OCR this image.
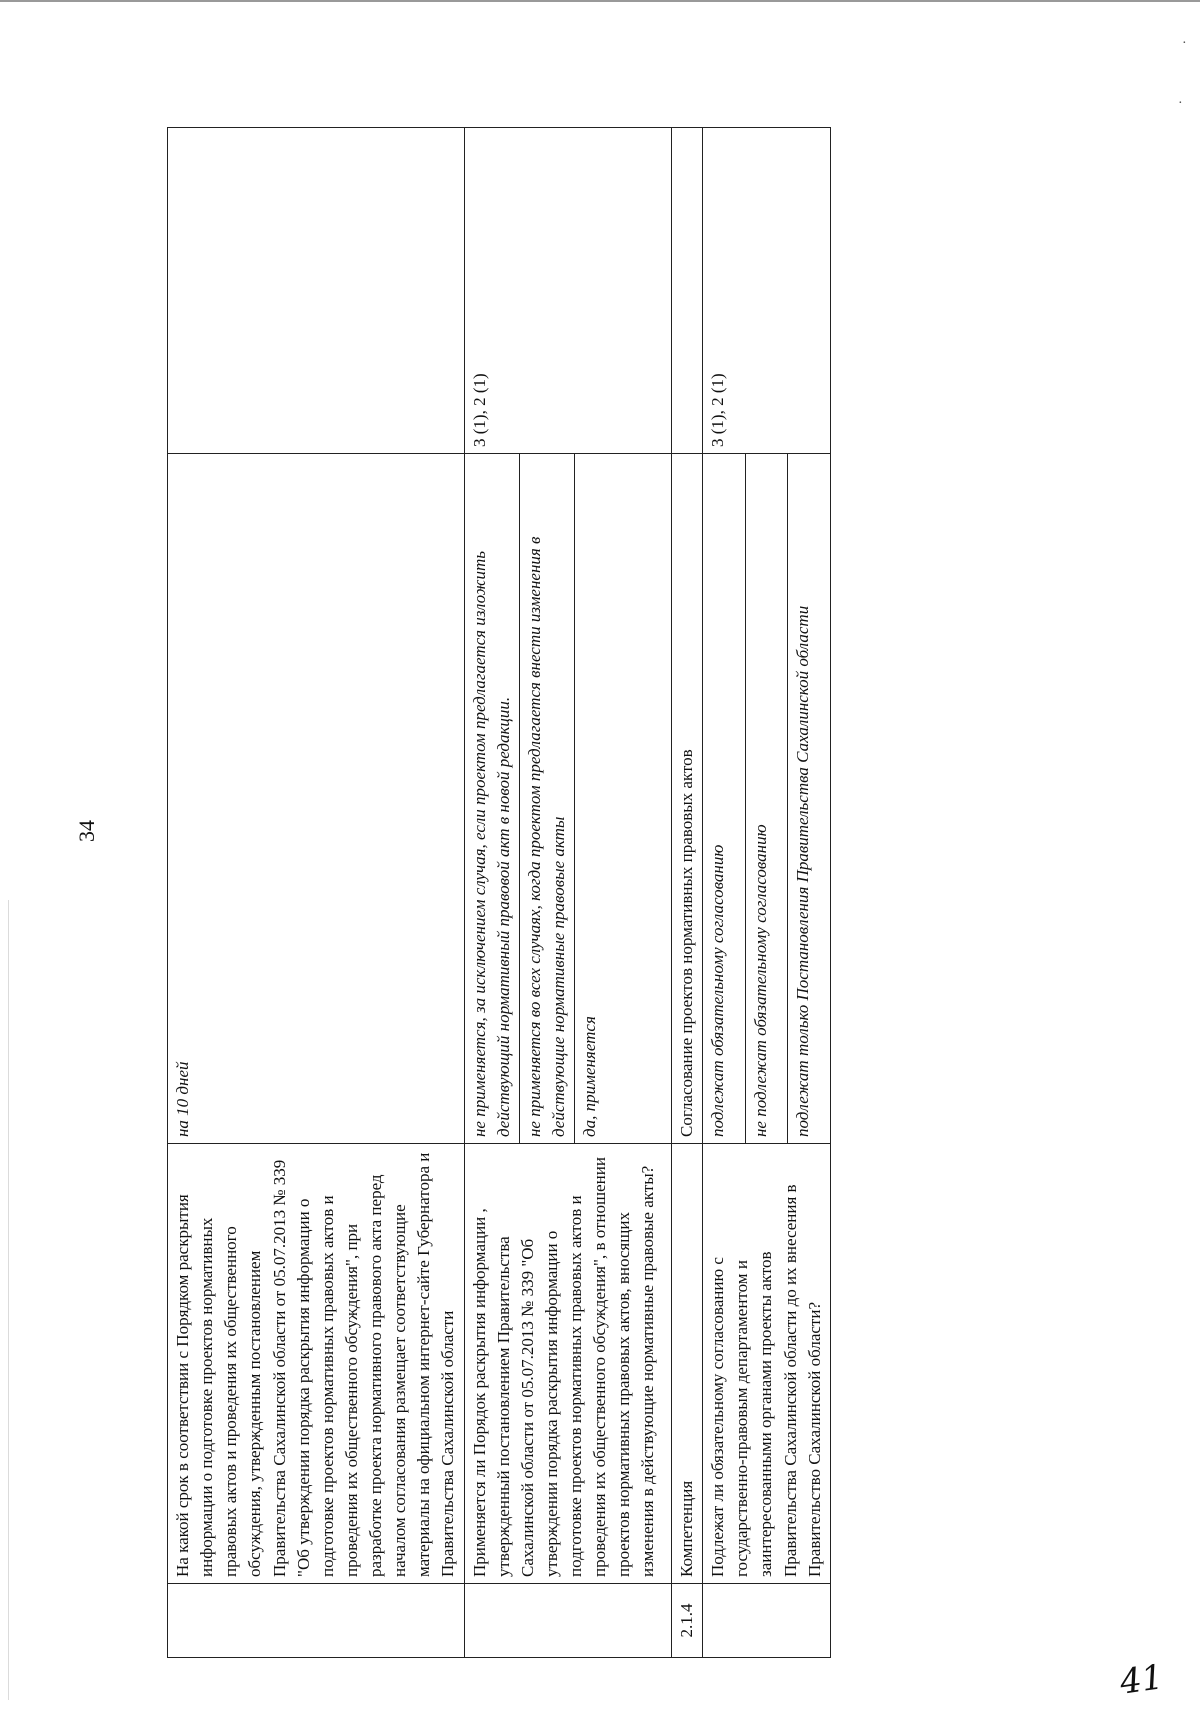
34
·
·
	На какой срок в соответствии с Порядком раскрытия информации о подготовке проектов нормативных правовых актов и проведения их общественного обсуждения, утвержденным постановлением Правительства Сахалинской области от 05.07.2013 № 339 "Об утверждении порядка раскрытия информации о подготовке проектов нормативных правовых актов и проведения их общественного обсуждения", при разработке проекта нормативного правового акта перед началом согласования размещает соответствующие материалы на официальном интернет-сайте Губернатора и Правительства Сахалинской области	на 10 дней	
	Применяется ли Порядок раскрытия информации , утвержденный постановлением Правительства Сахалинской области от 05.07.2013 № 339 "Об утверждении порядка раскрытия информации о подготовке проектов нормативных правовых актов и проведения их общественного обсуждения", в отношении проектов нормативных правовых актов, вносящих изменения в действующие нормативные правовые акты?	не применяется, за исключением случая, если проектом предлагается изложить действующий нормативный правовой акт в новой редакции.	3 (1), 2 (1)
		не применяется во всех случаях, когда проектом предлагается внести изменения в действующие нормативные правовые акты	
		да, применяется	
2.1.4	Компетенция	Согласование проектов нормативных правовых актов	
	Подлежат ли обязательному согласованию с государственно-правовым департаментом и заинтересованными органами проекты актов Правительства Сахалинской области до их внесения в Правительство Сахалинской области?	подлежат обязательному согласованию	3 (1), 2 (1)
		не подлежат обязательному согласованию	
		подлежат только Постановления Правительства Сахалинской области	
41
